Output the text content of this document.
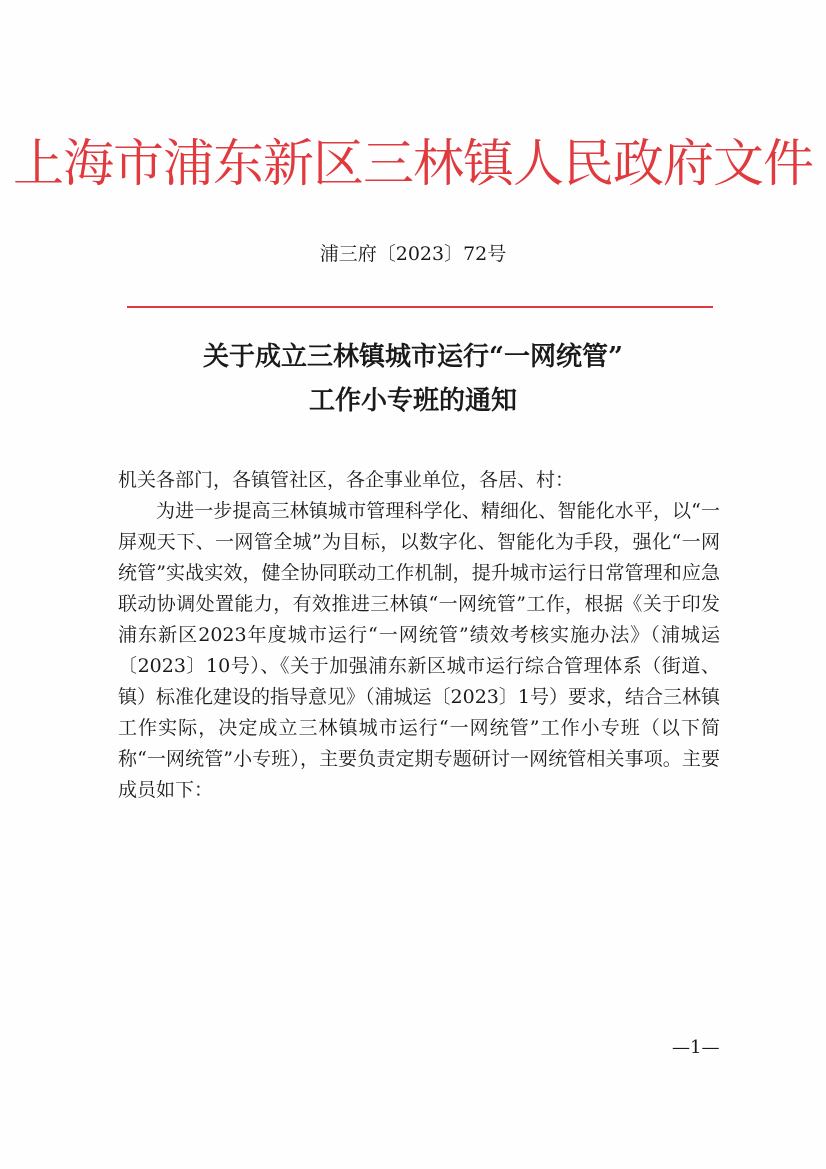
上海市浦东新区三林镇人民政府文件
浦三府〔2023〕72号
关于成立三林镇城市运行“一网统管”
工作小专班的通知

机关各部门，各镇管社区，各企事业单位，各居、村：

为进一步提高三林镇城市管理科学化、精细化、智能化水平，以“一屏观天下、一网管全城”为目标，以数字化、智能化为手段，强化“一网统管”实战实效，健全协同联动工作机制，提升城市运行日常管理和应急联动协调处置能力，有效推进三林镇“一网统管”工作，根据《关于印发浦东新区2023年度城市运行“一网统管”绩效考核实施办法》（浦城运〔2023〕10号）、《关于加强浦东新区城市运行综合管理体系（街道、镇）标准化建设的指导意见》（浦城运〔2023〕1号）要求，结合三林镇工作实际，决定成立三林镇城市运行“一网统管”工作小专班（以下简称“一网统管”小专班），主要负责定期专题研讨一网统管相关事项。主要成员如下：

—1—
